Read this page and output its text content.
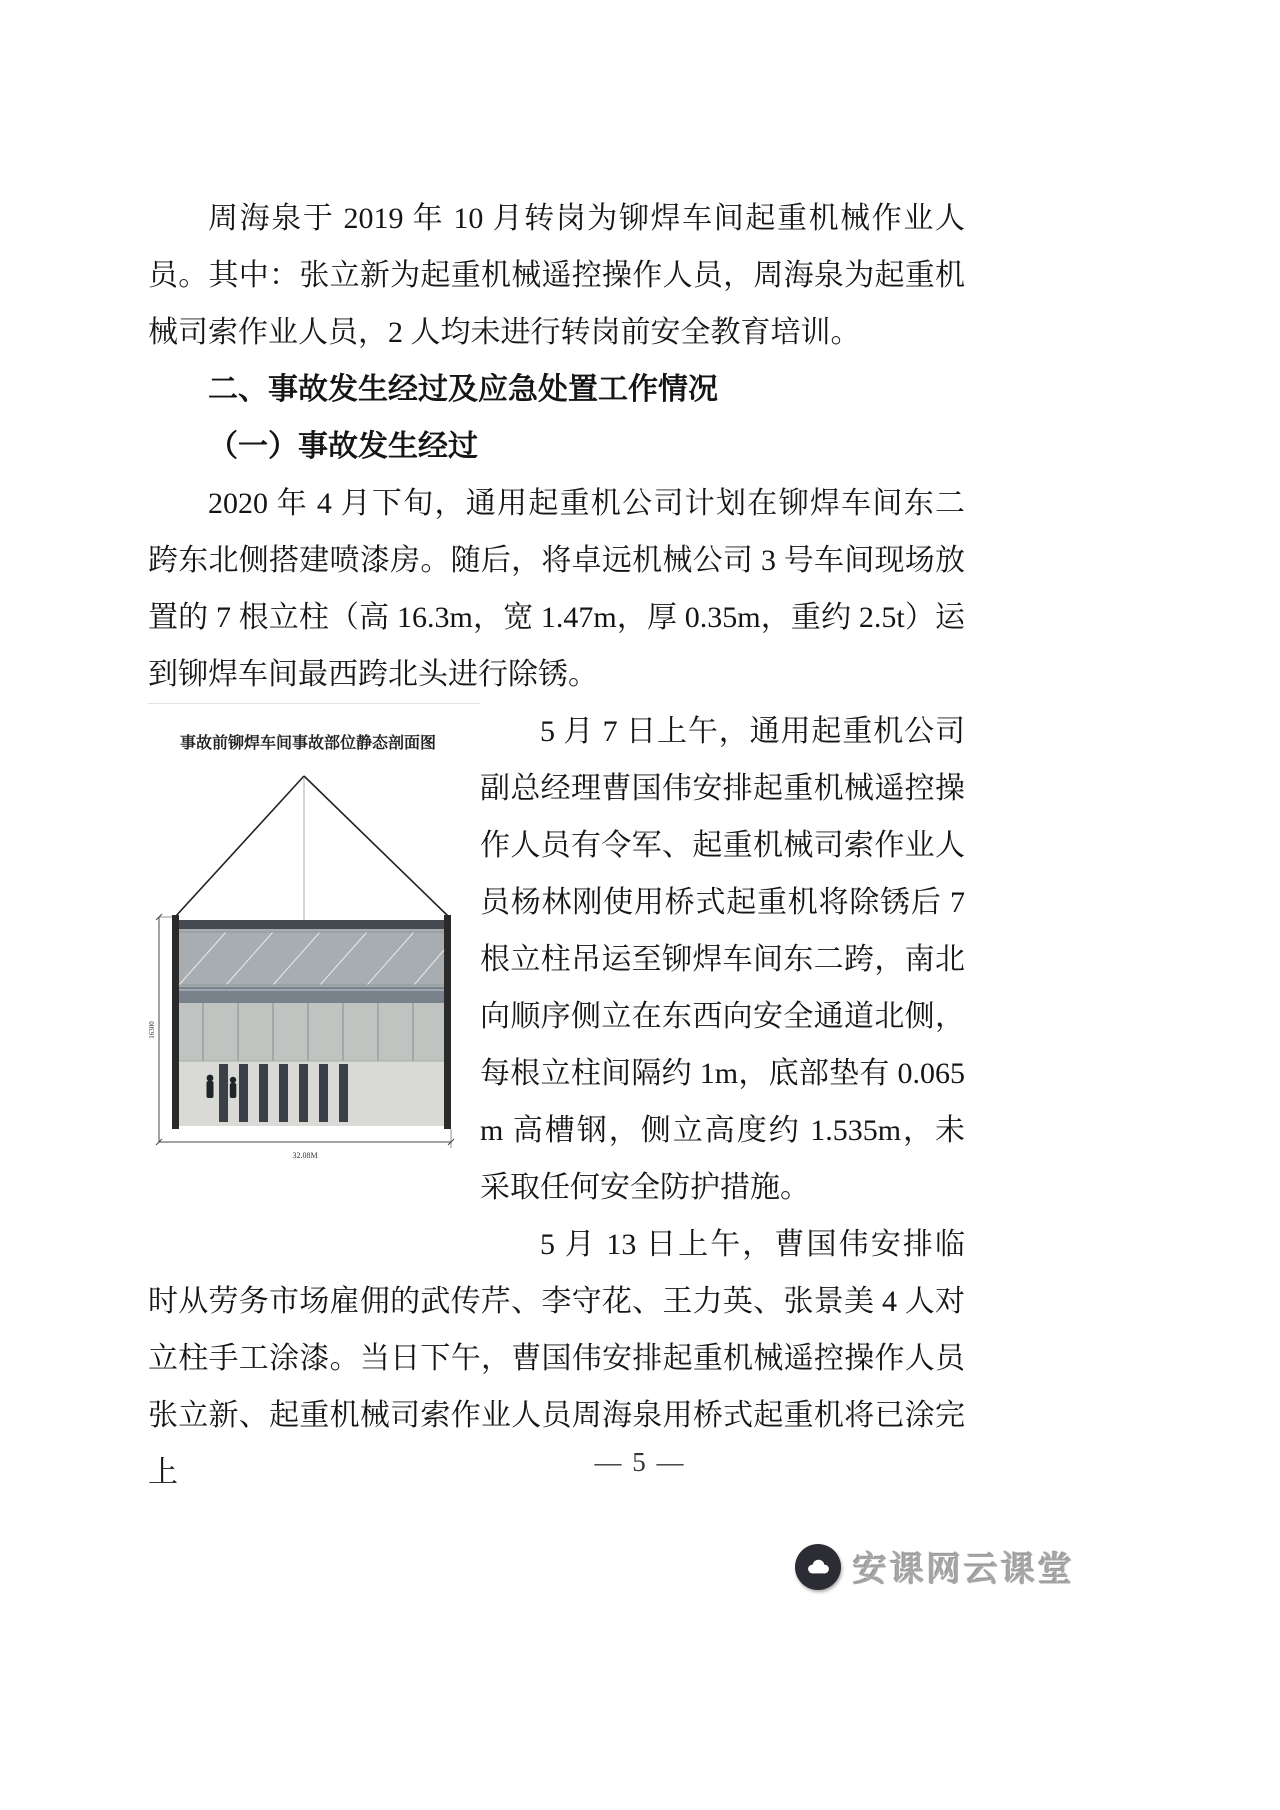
周海泉于 2019 年 10 月转岗为铆焊车间起重机械作业人员。其中：张立新为起重机械遥控操作人员，周海泉为起重机械司索作业人员，2 人均未进行转岗前安全教育培训。

二、事故发生经过及应急处置工作情况

（一）事故发生经过

2020 年 4 月下旬，通用起重机公司计划在铆焊车间东二跨东北侧搭建喷漆房。随后，将卓远机械公司 3 号车间现场放置的 7 根立柱（高 16.3m，宽 1.47m，厚 0.35m，重约 2.5t）运到铆焊车间最西跨北头进行除锈。

事故前铆焊车间事故部位静态剖面图
16300
32.08M

5 月 7 日上午，通用起重机公司副总经理曹国伟安排起重机械遥控操作人员有令军、起重机械司索作业人员杨林刚使用桥式起重机将除锈后 7 根立柱吊运至铆焊车间东二跨，南北向顺序侧立在东西向安全通道北侧，每根立柱间隔约 1m，底部垫有 0.065m 高槽钢，侧立高度约 1.535m，未采取任何安全防护措施。

5 月 13 日上午，曹国伟安排临时从劳务市场雇佣的武传芹、李守花、王力英、张景美 4 人对立柱手工涂漆。当日下午，曹国伟安排起重机械遥控操作人员张立新、起重机械司索作业人员周海泉用桥式起重机将已涂完上	— 5 —
安课网云课堂
